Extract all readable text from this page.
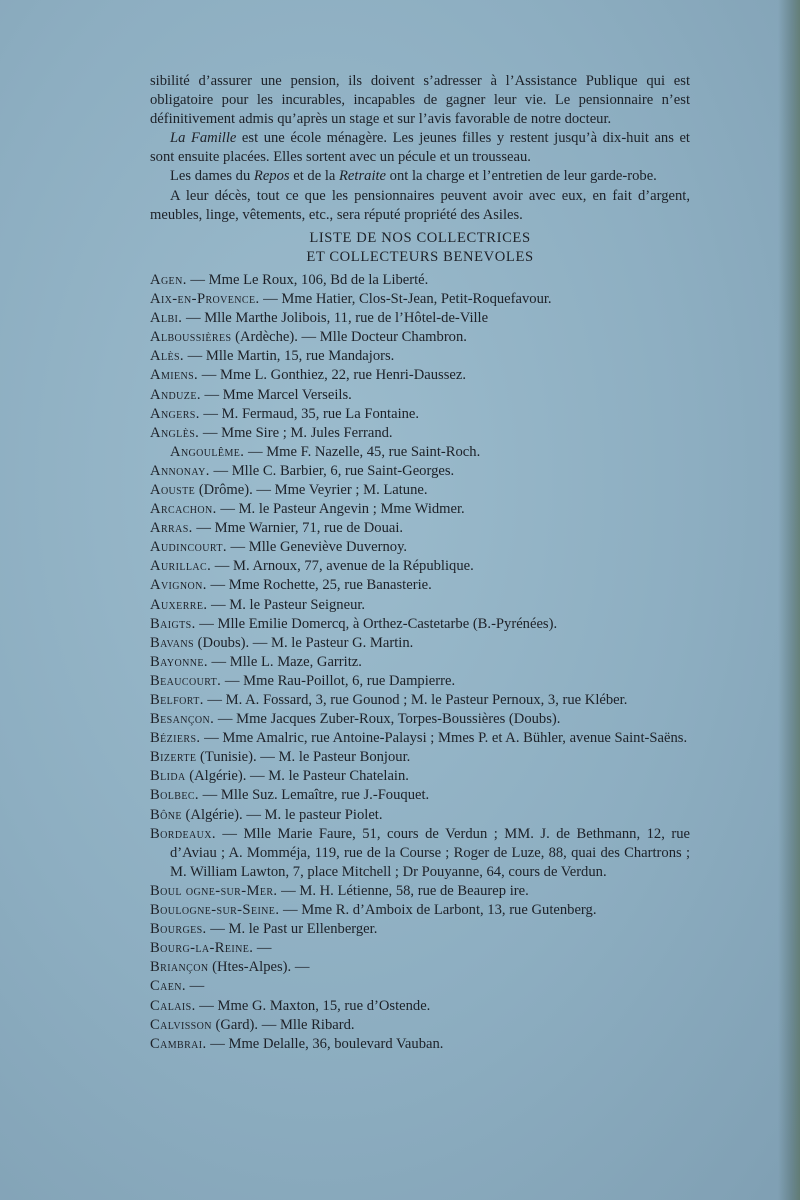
sibilité d’assurer une pension, ils doivent s’adresser à l’Assistance Publique qui est obligatoire pour les incurables, incapables de gagner leur vie. Le pensionnaire n’est définitivement admis qu’après un stage et sur l’avis favorable de notre docteur.

La Famille est une école ménagère. Les jeunes filles y restent jusqu’à dix-huit ans et sont ensuite placées. Elles sortent avec un pécule et un trousseau.

Les dames du Repos et de la Retraite ont la charge et l’entretien de leur garde-robe.

A leur décès, tout ce que les pensionnaires peuvent avoir avec eux, en fait d’argent, meubles, linge, vêtements, etc., sera réputé propriété des Asiles.

LISTE DE NOS COLLECTRICES

ET COLLECTEURS BENEVOLES

Agen. — Mme Le Roux, 106, Bd de la Liberté.

Aix-en-Provence. — Mme Hatier, Clos-St-Jean, Petit-Roquefavour.

Albi. — Mlle Marthe Jolibois, 11, rue de l’Hôtel-de-Ville

Alboussières (Ardèche). — Mlle Docteur Chambron.

Alès. — Mlle Martin, 15, rue Mandajors.

Amiens. — Mme L. Gonthiez, 22, rue Henri-Daussez.

Anduze. — Mme Marcel Verseils.

Angers. — M. Fermaud, 35, rue La Fontaine.

Anglès. — Mme Sire ; M. Jules Ferrand.

Angoulême. — Mme F. Nazelle, 45, rue Saint-Roch.

Annonay. — Mlle C. Barbier, 6, rue Saint-Georges.

Aouste (Drôme). — Mme Veyrier ; M. Latune.

Arcachon. — M. le Pasteur Angevin ; Mme Widmer.

Arras. — Mme Warnier, 71, rue de Douai.

Audincourt. — Mlle Geneviève Duvernoy.

Aurillac. — M. Arnoux, 77, avenue de la République.

Avignon. — Mme Rochette, 25, rue Banasterie.

Auxerre. — M. le Pasteur Seigneur.

Baigts. — Mlle Emilie Domercq, à Orthez-Castetarbe (B.-Pyrénées).

Bavans (Doubs). — M. le Pasteur G. Martin.

Bayonne. — Mlle L. Maze, Garritz.

Beaucourt. — Mme Rau-Poillot, 6, rue Dampierre.

Belfort. — M. A. Fossard, 3, rue Gounod ; M. le Pasteur Pernoux, 3, rue Kléber.

Besançon. — Mme Jacques Zuber-Roux, Torpes-Boussières (Doubs).

Béziers. — Mme Amalric, rue Antoine-Palaysi ; Mmes P. et A. Bühler, avenue Saint-Saëns.

Bizerte (Tunisie). — M. le Pasteur Bonjour.

Blida (Algérie). — M. le Pasteur Chatelain.

Bolbec. — Mlle Suz. Lemaître, rue J.-Fouquet.

Bône (Algérie). — M. le pasteur Piolet.

Bordeaux. — Mlle Marie Faure, 51, cours de Verdun ; MM. J. de Bethmann, 12, rue d’Aviau ; A. Momméja, 119, rue de la Course ; Roger de Luze, 88, quai des Chartrons ; M. William Lawton, 7, place Mitchell ; Dr Pouyanne, 64, cours de Verdun.

Boul ogne-sur-Mer. — M. H. Létienne, 58, rue de Beaurep ire.

Boulogne-sur-Seine. — Mme R. d’Amboix de Larbont, 13, rue Gutenberg.

Bourges. — M. le Past ur Ellenberger.

Bourg-la-Reine. —

Briançon (Htes-Alpes). —

Caen. —

Calais. — Mme G. Maxton, 15, rue d’Ostende.

Calvisson (Gard). — Mlle Ribard.

Cambrai. — Mme Delalle, 36, boulevard Vauban.
